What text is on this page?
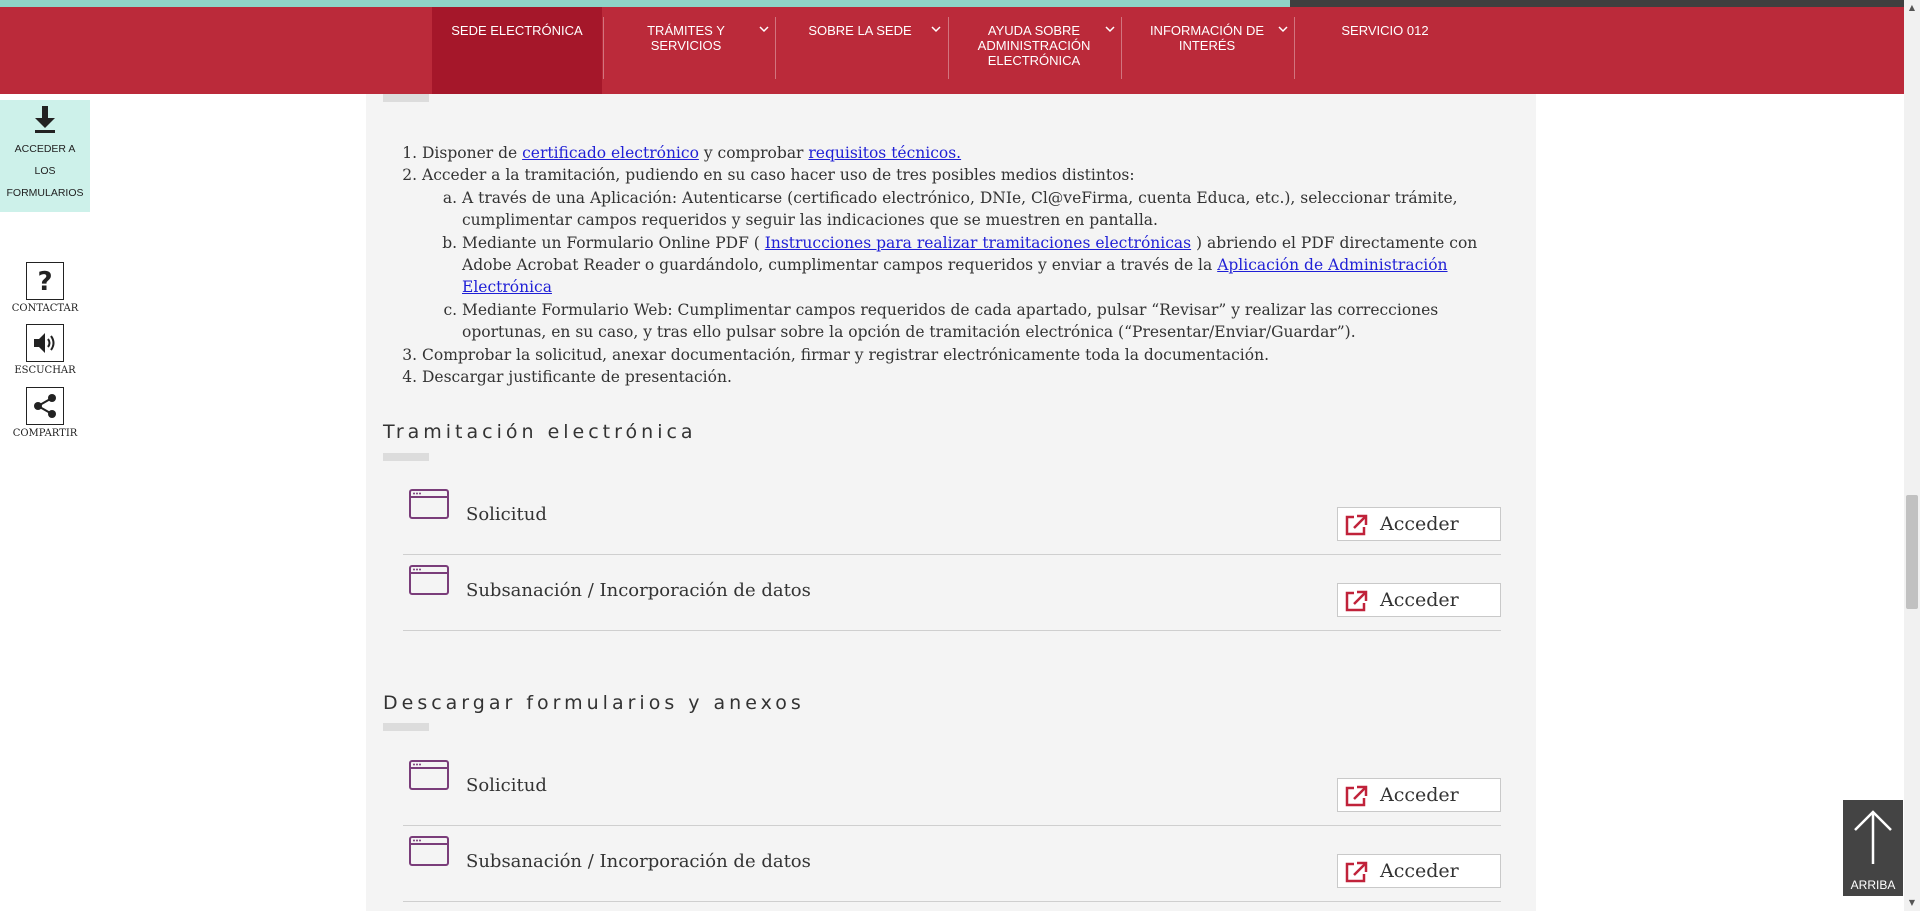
SEDE ELECTRÓNICA	TRÁMITES Y
SERVICIOS
SOBRE LA SEDE	AYUDA SOBRE
ADMINISTRACIÓN
ELECTRÓNICA
INFORMACIÓN DE
INTERÉS
SERVICIO 012
ACCEDER A
LOS
FORMULARIOS
?
CONTACTAR
ESCUCHAR
COMPARTIR
1. Disponer de certificado electrónico y comprobar requisitos técnicos.
2. Acceder a la tramitación, pudiendo en su caso hacer uso de tres posibles medios distintos:
a. A través de una Aplicación: Autenticarse (certificado electrónico, DNIe, Cl@veFirma, cuenta Educa, etc.), seleccionar trámite, cumplimentar campos requeridos y seguir las indicaciones que se muestren en pantalla.
b. Mediante un Formulario Online PDF ( Instrucciones para realizar tramitaciones electrónicas ) abriendo el PDF directamente con Adobe Acrobat Reader o guardándolo, cumplimentar campos requeridos y enviar a través de la Aplicación de Administración Electrónica
c. Mediante Formulario Web: Cumplimentar campos requeridos de cada apartado, pulsar “Revisar” y realizar las correcciones oportunas, en su caso, y tras ello pulsar sobre la opción de tramitación electrónica (“Presentar/Enviar/Guardar”).
3. Comprobar la solicitud, anexar documentación, firmar y registrar electrónicamente toda la documentación.
4. Descargar justificante de presentación.
Tramitación electrónica
Solicitud	Acceder
Subsanación / Incorporación de datos	Acceder
Descargar formularios y anexos
Solicitud	Acceder
Subsanación / Incorporación de datos	Acceder
ARRIBA
▲
▼
